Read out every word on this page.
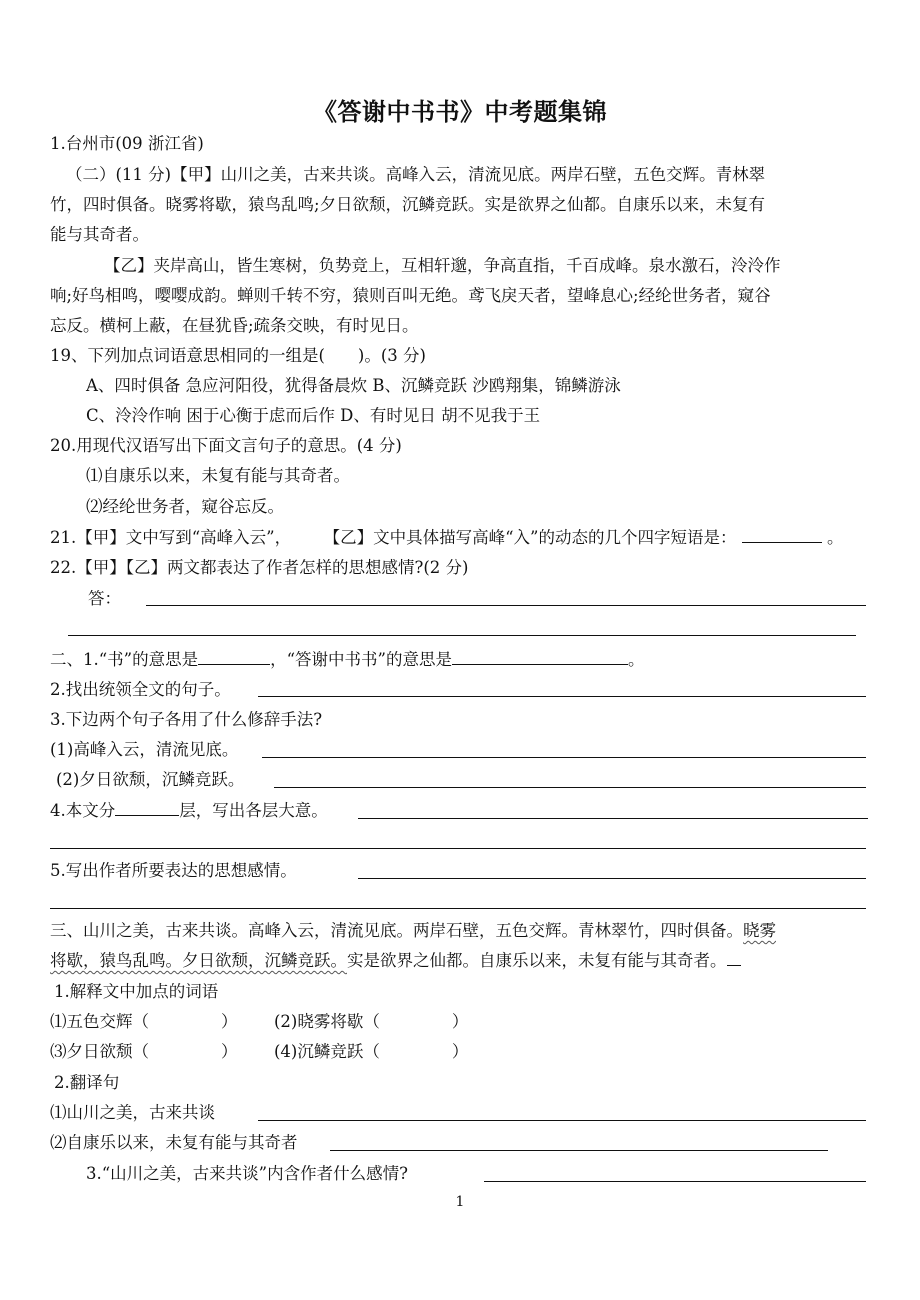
《答谢中书书》中考题集锦
1.台州市(09 浙江省)
（二）(11 分)【甲】山川之美，古来共谈。高峰入云，清流见底。两岸石壁，五色交辉。青林翠
竹，四时俱备。晓雾将歇，猿鸟乱鸣;夕日欲颓，沉鳞竞跃。实是欲界之仙都。自康乐以来，未复有
能与其奇者。
【乙】夹岸高山，皆生寒树，负势竞上，互相轩邈，争高直指，千百成峰。泉水激石，泠泠作
响;好鸟相鸣，嘤嘤成韵。蝉则千转不穷，猿则百叫无绝。鸢飞戾天者，望峰息心;经纶世务者，窥谷
忘反。横柯上蔽，在昼犹昏;疏条交映，有时见日。
19、下列加点词语意思相同的一组是(　　)。(3 分)
A、四时俱备 急应河阳役，犹得备晨炊 B、沉鳞竞跃 沙鸥翔集，锦鳞游泳
C、泠泠作响 困于心衡于虑而后作 D、有时见日 胡不见我于王
20.用现代汉语写出下面文言句子的意思。(4 分)
⑴自康乐以来，未复有能与其奇者。
⑵经纶世务者，窥谷忘反。
21.【甲】文中写到“高峰入云”， 【乙】文中具体描写高峰“入”的动态的几个四字短语是：	。
22.【甲】【乙】两文都表达了作者怎样的思想感情?(2 分)
答：
二、1.“书”的意思是	，“答谢中书书”的意思是	。
2.找出统领全文的句子。
3.下边两个句子各用了什么修辞手法?
(1)高峰入云，清流见底。
(2)夕日欲颓，沉鳞竞跃。
4.本文分	层，写出各层大意。
5.写出作者所要表达的思想感情。
三、山川之美，古来共谈。高峰入云，清流见底。两岸石壁，五色交辉。青林翠竹，四时俱备。晓雾
将歇，猿鸟乱鸣。夕日欲颓，沉鳞竞跃。实是欲界之仙都。自康乐以来，未复有能与其奇者。
1.解释文中加点的词语
⑴五色交辉（	） (2)晓雾将歇（	）
⑶夕日欲颓（	） (4)沉鳞竞跃（	）
2.翻译句
⑴山川之美，古来共谈
⑵自康乐以来，未复有能与其奇者
3.“山川之美，古来共谈”内含作者什么感情?
1
